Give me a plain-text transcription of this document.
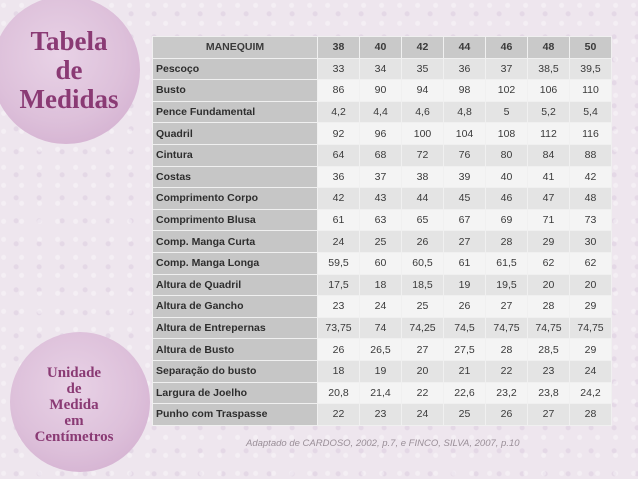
Tabela
de
Medidas
MANEQUIM	38	40	42	44	46	48	50
Pescoço	33	34	35	36	37	38,5	39,5
Busto	86	90	94	98	102	106	110
Pence Fundamental	4,2	4,4	4,6	4,8	5	5,2	5,4
Quadril	92	96	100	104	108	112	116
Cintura	64	68	72	76	80	84	88
Costas	36	37	38	39	40	41	42
Comprimento Corpo	42	43	44	45	46	47	48
Comprimento Blusa	61	63	65	67	69	71	73
Comp. Manga Curta	24	25	26	27	28	29	30
Comp. Manga Longa	59,5	60	60,5	61	61,5	62	62
Altura de Quadril	17,5	18	18,5	19	19,5	20	20
Altura de Gancho	23	24	25	26	27	28	29
Altura de Entrepernas	73,75	74	74,25	74,5	74,75	74,75	74,75
Altura de Busto	26	26,5	27	27,5	28	28,5	29
Separação do busto	18	19	20	21	22	23	24
Largura de Joelho	20,8	21,4	22	22,6	23,2	23,8	24,2
Punho com Traspasse	22	23	24	25	26	27	28
Unidade
de
Medida
em
Centímetros	Adaptado de CARDOSO, 2002, p.7, e FINCO, SILVA, 2007, p.10
